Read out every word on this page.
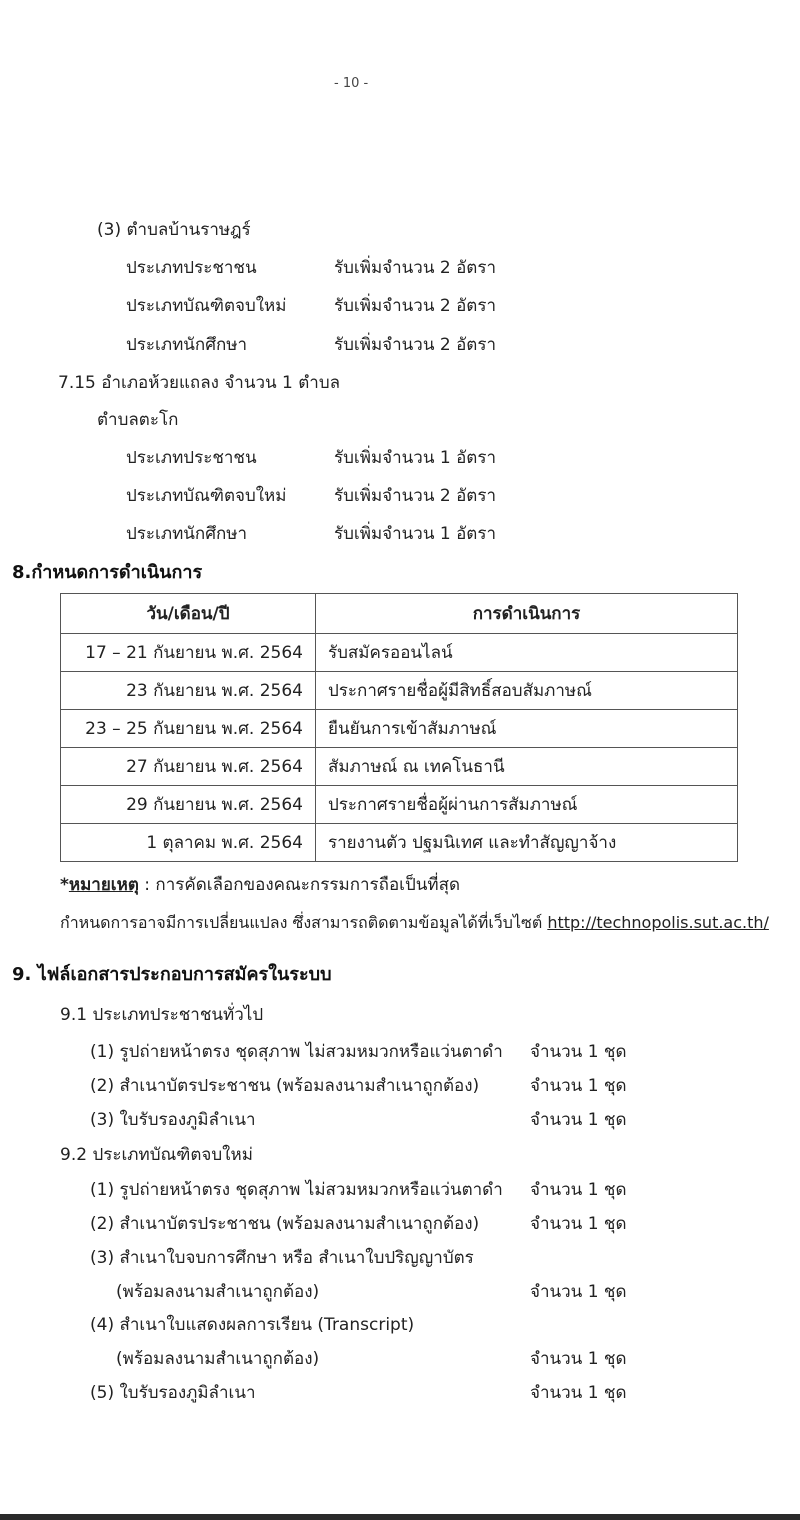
- 10 -
(3) ตำบลบ้านราษฎร์
ประเภทประชาชน	รับเพิ่มจำนวน 2 อัตรา
ประเภทบัณฑิตจบใหม่	รับเพิ่มจำนวน 2 อัตรา
ประเภทนักศึกษา	รับเพิ่มจำนวน 2 อัตรา
7.15 อำเภอห้วยแถลง จำนวน 1 ตำบล
ตำบลตะโก
ประเภทประชาชน	รับเพิ่มจำนวน 1 อัตรา
ประเภทบัณฑิตจบใหม่	รับเพิ่มจำนวน 2 อัตรา
ประเภทนักศึกษา	รับเพิ่มจำนวน 1 อัตรา
8.กำหนดการดำเนินการ
วัน/เดือน/ปี	การดำเนินการ
17 – 21 กันยายน พ.ศ. 2564	รับสมัครออนไลน์
23 กันยายน พ.ศ. 2564	ประกาศรายชื่อผู้มีสิทธิ์สอบสัมภาษณ์
23 – 25 กันยายน พ.ศ. 2564	ยืนยันการเข้าสัมภาษณ์
27 กันยายน พ.ศ. 2564	สัมภาษณ์ ณ เทคโนธานี
29 กันยายน พ.ศ. 2564	ประกาศรายชื่อผู้ผ่านการสัมภาษณ์
1 ตุลาคม พ.ศ. 2564	รายงานตัว ปฐมนิเทศ และทำสัญญาจ้าง
*หมายเหตุ : การคัดเลือกของคณะกรรมการถือเป็นที่สุด
กำหนดการอาจมีการเปลี่ยนแปลง ซึ่งสามารถติดตามข้อมูลได้ที่เว็บไซต์ http://technopolis.sut.ac.th/
9. ไฟล์เอกสารประกอบการสมัครในระบบ
9.1 ประเภทประชาชนทั่วไป
(1) รูปถ่ายหน้าตรง ชุดสุภาพ ไม่สวมหมวกหรือแว่นตาดำ จำนวน 1 ชุด
(2) สำเนาบัตรประชาชน (พร้อมลงนามสำเนาถูกต้อง)	จำนวน 1 ชุด
(3) ใบรับรองภูมิลำเนา	จำนวน 1 ชุด
9.2 ประเภทบัณฑิตจบใหม่
(1) รูปถ่ายหน้าตรง ชุดสุภาพ ไม่สวมหมวกหรือแว่นตาดำ จำนวน 1 ชุด
(2) สำเนาบัตรประชาชน (พร้อมลงนามสำเนาถูกต้อง)	จำนวน 1 ชุด
(3) สำเนาใบจบการศึกษา หรือ สำเนาใบปริญญาบัตร
(พร้อมลงนามสำเนาถูกต้อง)	จำนวน 1 ชุด
(4) สำเนาใบแสดงผลการเรียน (Transcript)
(พร้อมลงนามสำเนาถูกต้อง)	จำนวน 1 ชุด
(5) ใบรับรองภูมิลำเนา	จำนวน 1 ชุด
